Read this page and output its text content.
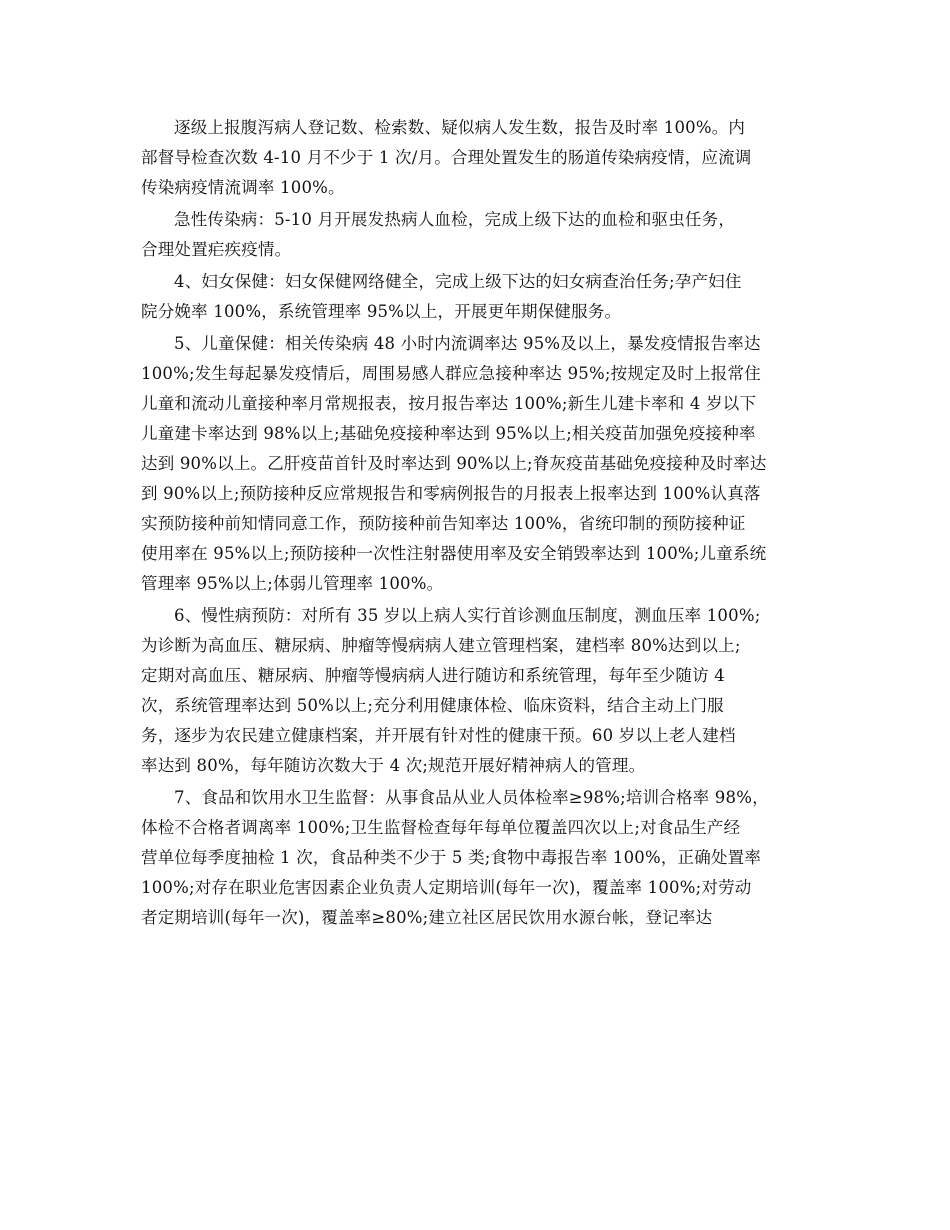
逐级上报腹泻病人登记数、检索数、疑似病人发生数，报告及时率 100%。内
部督导检查次数 4-10 月不少于 1 次/月。合理处置发生的肠道传染病疫情，应流调
传染病疫情流调率 100%。

急性传染病：5-10 月开展发热病人血检，完成上级下达的血检和驱虫任务，
合理处置疟疾疫情。

4、妇女保健：妇女保健网络健全，完成上级下达的妇女病查治任务;孕产妇住
院分娩率 100%，系统管理率 95%以上，开展更年期保健服务。

5、儿童保健：相关传染病 48 小时内流调率达 95%及以上，暴发疫情报告率达
100%;发生每起暴发疫情后，周围易感人群应急接种率达 95%;按规定及时上报常住
儿童和流动儿童接种率月常规报表，按月报告率达 100%;新生儿建卡率和 4 岁以下
儿童建卡率达到 98%以上;基础免疫接种率达到 95%以上;相关疫苗加强免疫接种率
达到 90%以上。乙肝疫苗首针及时率达到 90%以上;脊灰疫苗基础免疫接种及时率达
到 90%以上;预防接种反应常规报告和零病例报告的月报表上报率达到 100%认真落
实预防接种前知情同意工作，预防接种前告知率达 100%，省统印制的预防接种证
使用率在 95%以上;预防接种一次性注射器使用率及安全销毁率达到 100%;儿童系统
管理率 95%以上;体弱儿管理率 100%。

6、慢性病预防：对所有 35 岁以上病人实行首诊测血压制度，测血压率 100%;
为诊断为高血压、糖尿病、肿瘤等慢病病人建立管理档案，建档率 80%达到以上;
定期对高血压、糖尿病、肿瘤等慢病病人进行随访和系统管理，每年至少随访 4
次，系统管理率达到 50%以上;充分利用健康体检、临床资料，结合主动上门服
务，逐步为农民建立健康档案，并开展有针对性的健康干预。60 岁以上老人建档
率达到 80%，每年随访次数大于 4 次;规范开展好精神病人的管理。

7、食品和饮用水卫生监督：从事食品从业人员体检率≥98%;培训合格率 98%，
体检不合格者调离率 100%;卫生监督检查每年每单位覆盖四次以上;对食品生产经
营单位每季度抽检 1 次，食品种类不少于 5 类;食物中毒报告率 100%，正确处置率
100%;对存在职业危害因素企业负责人定期培训(每年一次)，覆盖率 100%;对劳动
者定期培训(每年一次)，覆盖率≥80%;建立社区居民饮用水源台帐，登记率达
